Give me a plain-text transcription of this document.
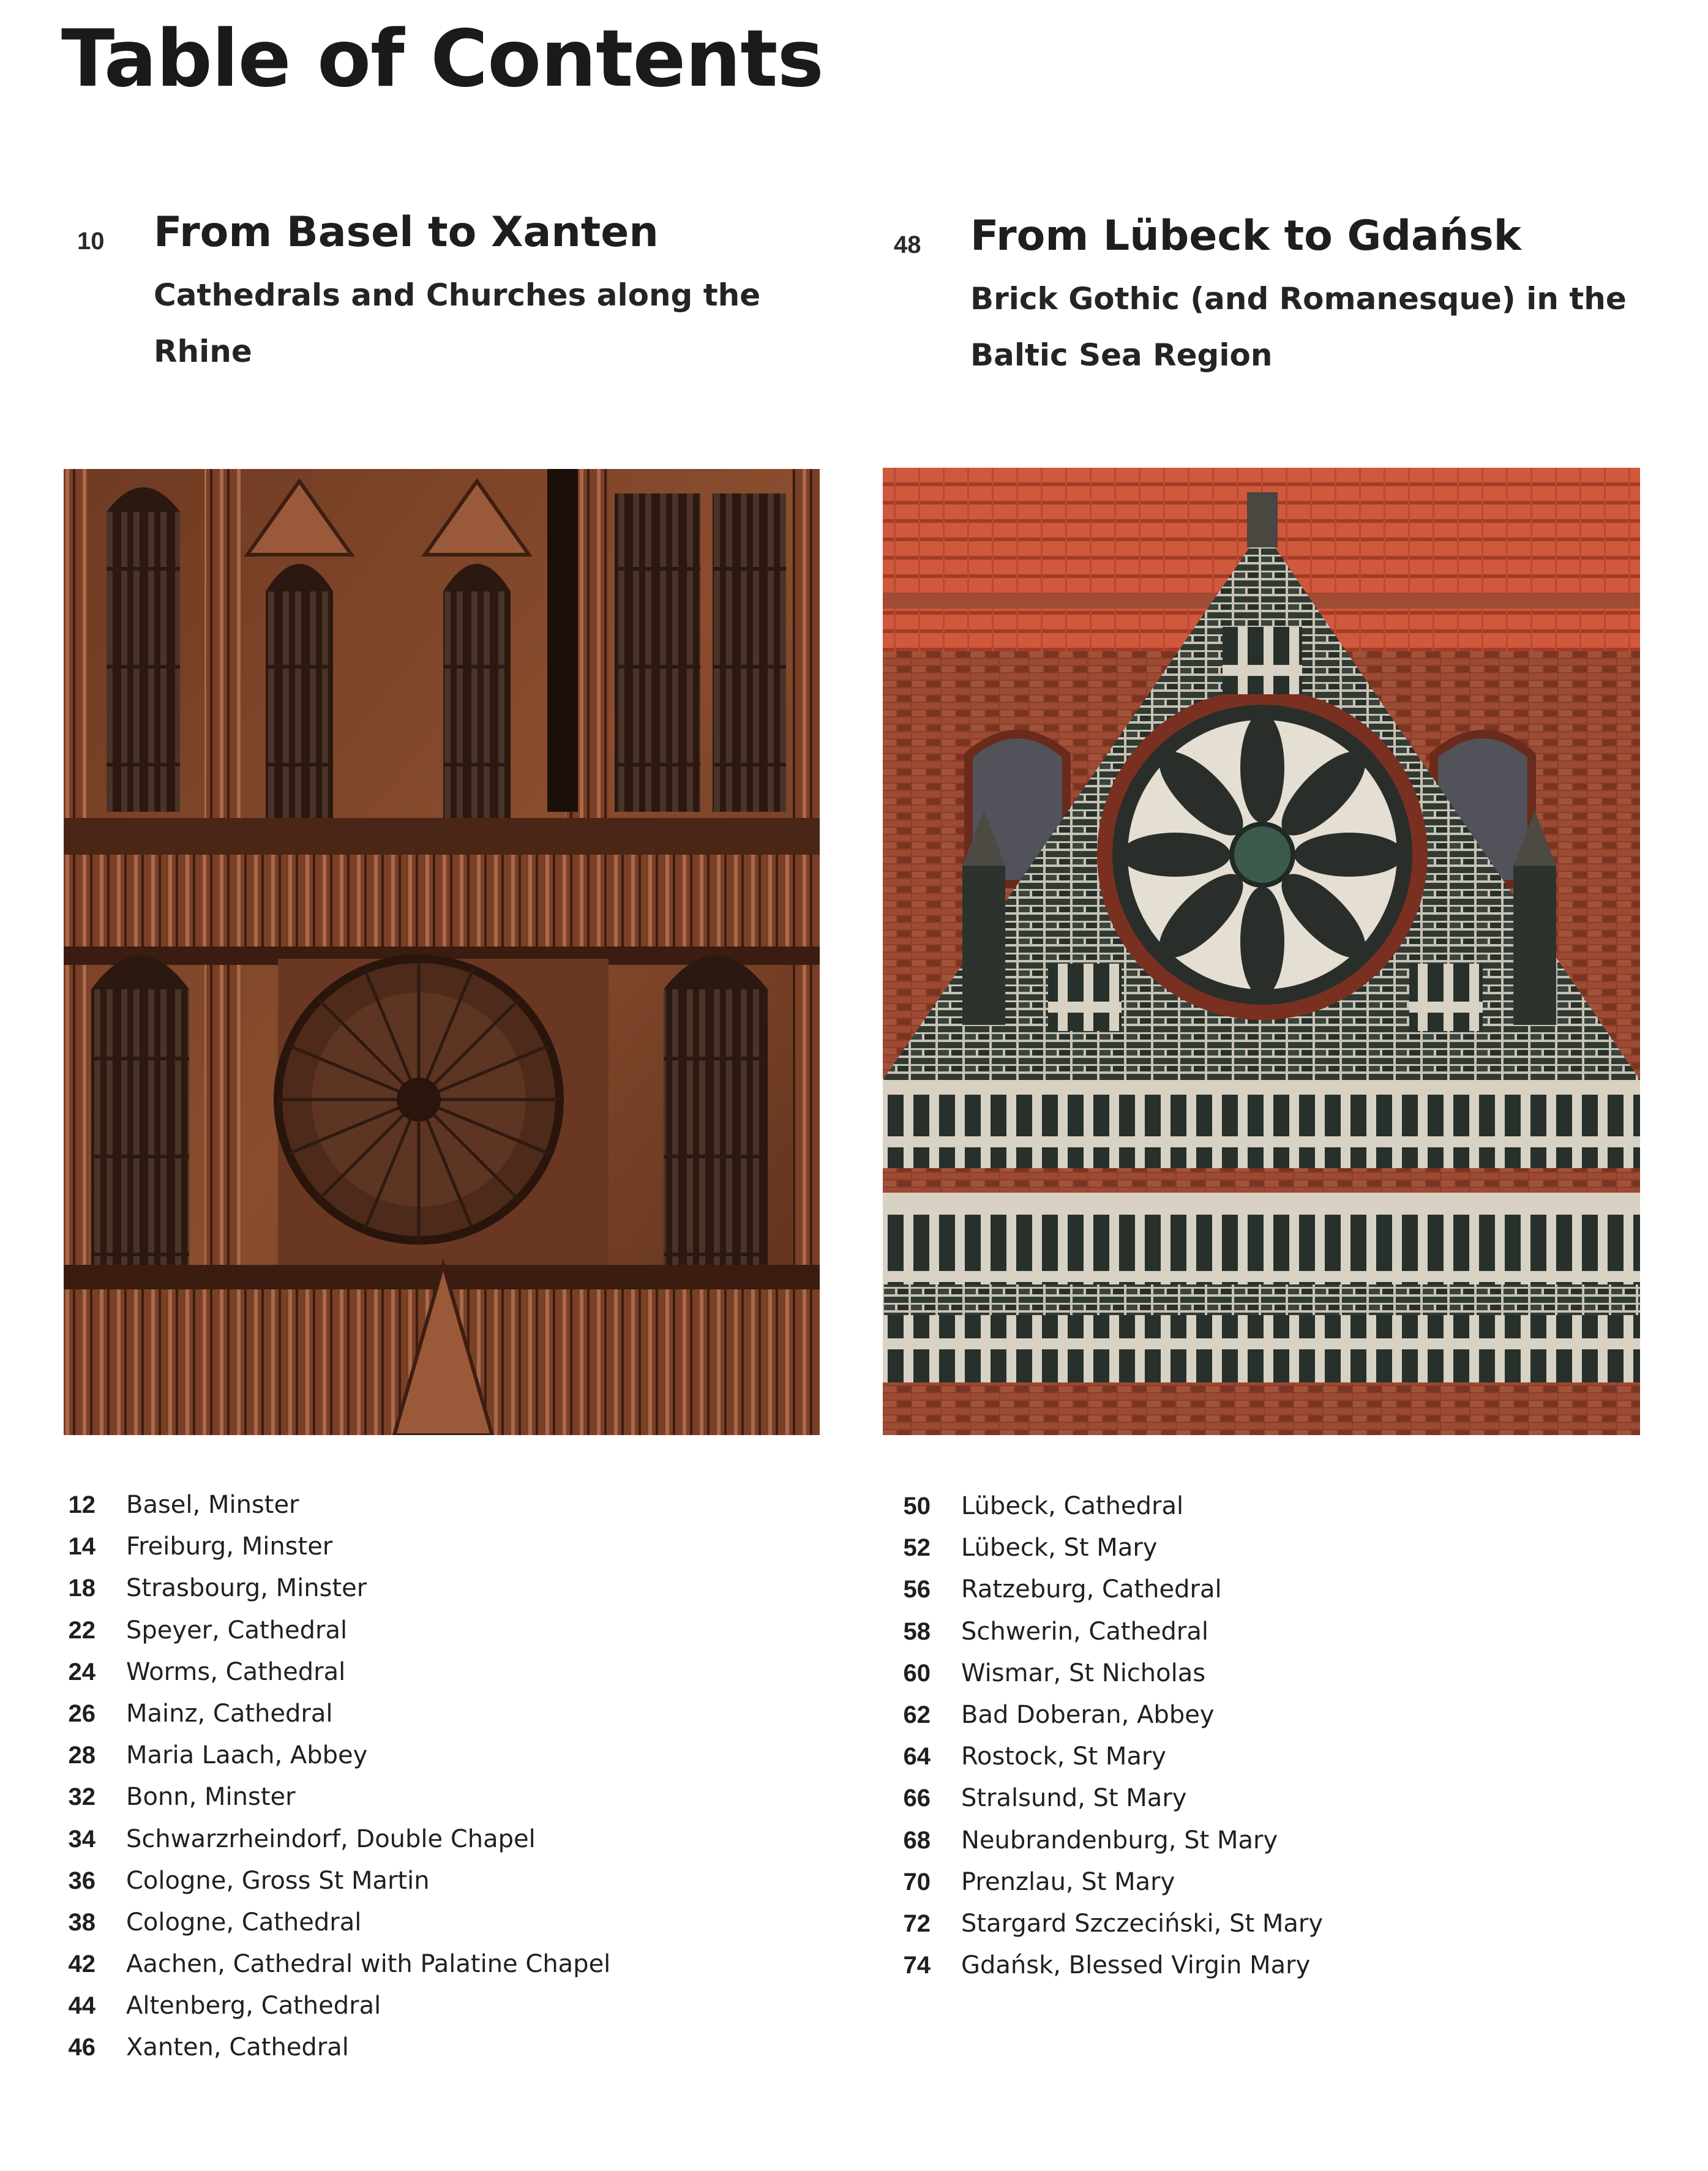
Table of Contents
10 From Basel to Xanten
Cathedrals and Churches along the Rhine
48 From Lübeck to Gdańsk
Brick Gothic (and Romanesque) in the Baltic Sea Region
12 Basel, Minster
14 Freiburg, Minster
18 Strasbourg, Minster
22 Speyer, Cathedral
24 Worms, Cathedral
26 Mainz, Cathedral
28 Maria Laach, Abbey
32 Bonn, Minster
34 Schwarzrheindorf, Double Chapel
36 Cologne, Gross St Martin
38 Cologne, Cathedral
42 Aachen, Cathedral with Palatine Chapel
44 Altenberg, Cathedral
46 Xanten, Cathedral
50 Lübeck, Cathedral
52 Lübeck, St Mary
56 Ratzeburg, Cathedral
58 Schwerin, Cathedral
60 Wismar, St Nicholas
62 Bad Doberan, Abbey
64 Rostock, St Mary
66 Stralsund, St Mary
68 Neubrandenburg, St Mary
70 Prenzlau, St Mary
72 Stargard Szczeciński, St Mary
74 Gdańsk, Blessed Virgin Mary
